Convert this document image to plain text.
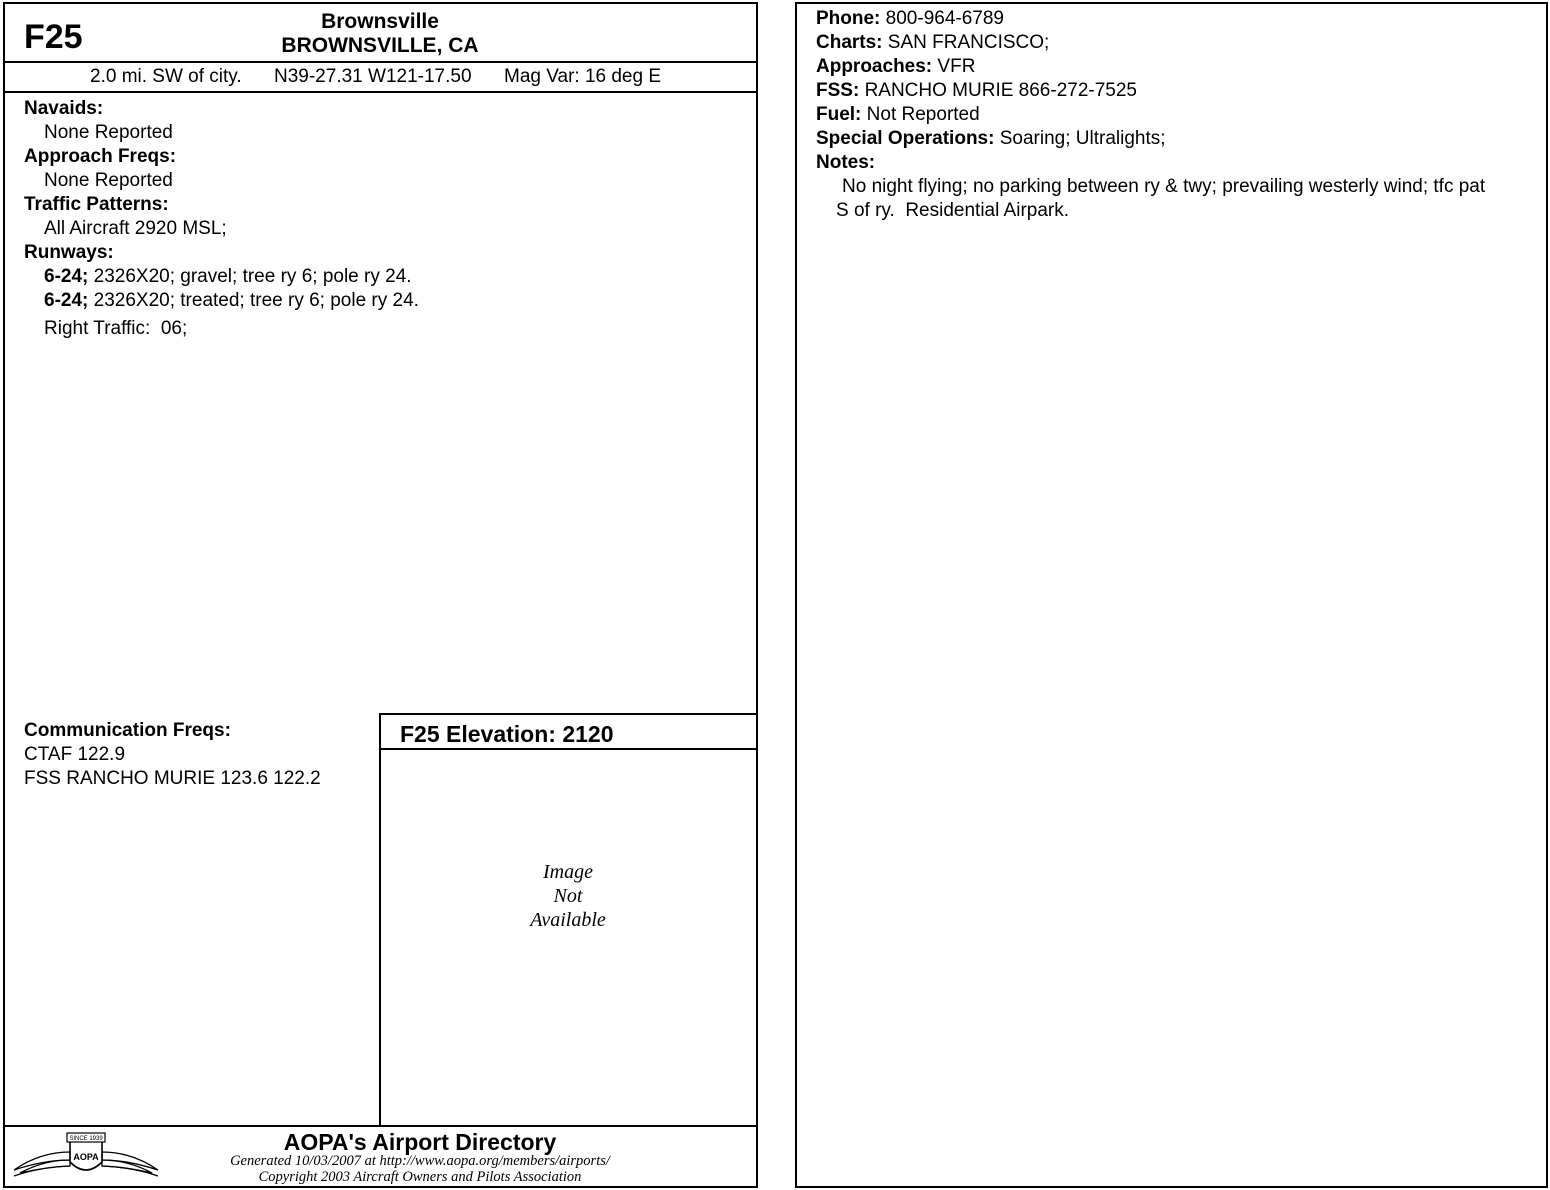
F25	Brownsville
BROWNSVILLE, CA
2.0 mi. SW of city. N39-27.31 W121-17.50 Mag Var: 16 deg E
Navaids:
None Reported
Approach Freqs:
None Reported
Traffic Patterns:
All Aircraft 2920 MSL;
Runways:
6-24; 2326X20; gravel; tree ry 6; pole ry 24.
6-24; 2326X20; treated; tree ry 6; pole ry 24.
Right Traffic:  06;
Communication Freqs:
CTAF 122.9
FSS RANCHO MURIE 123.6 122.2
F25 Elevation: 2120
Image
Not
Available
SINCE 1939
AOPA
AOPA's Airport Directory
Generated 10/03/2007 at http://www.aopa.org/members/airports/
Copyright 2003 Aircraft Owners and Pilots Association
Phone: 800-964-6789
Charts: SAN FRANCISCO;
Approaches: VFR
FSS: RANCHO MURIE 866-272-7525
Fuel: Not Reported
Special Operations: Soaring; Ultralights;
Notes:
No night flying; no parking between ry & twy; prevailing westerly wind; tfc pat
S of ry.  Residential Airpark.
